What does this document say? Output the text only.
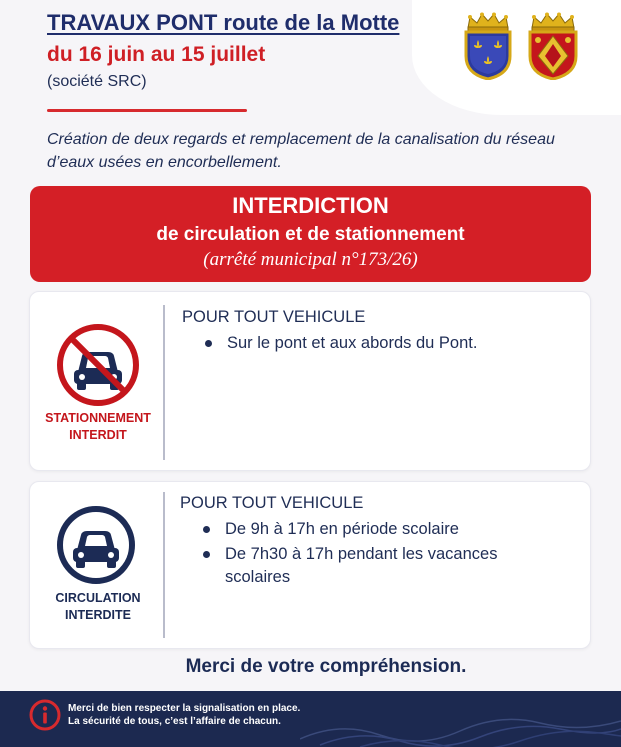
TRAVAUX PONT route de la Motte
du 16 juin au 15 juillet
(société SRC)
Création de deux regards et remplacement de la canalisation du réseau d’eaux usées en encorbellement.
INTERDICTION
de circulation et de stationnement
(arrêté municipal n°173/26)
STATIONNEMENT
INTERDIT
POUR TOUT VEHICULE
Sur le pont et aux abords du Pont.
CIRCULATION
INTERDITE
POUR TOUT VEHICULE
De 9h à 17h en période scolaire
De 7h30 à 17h pendant les vacances scolaires
Merci de votre compréhension.
Merci de bien respecter la signalisation en place.
La sécurité de tous, c’est l’affaire de chacun.
